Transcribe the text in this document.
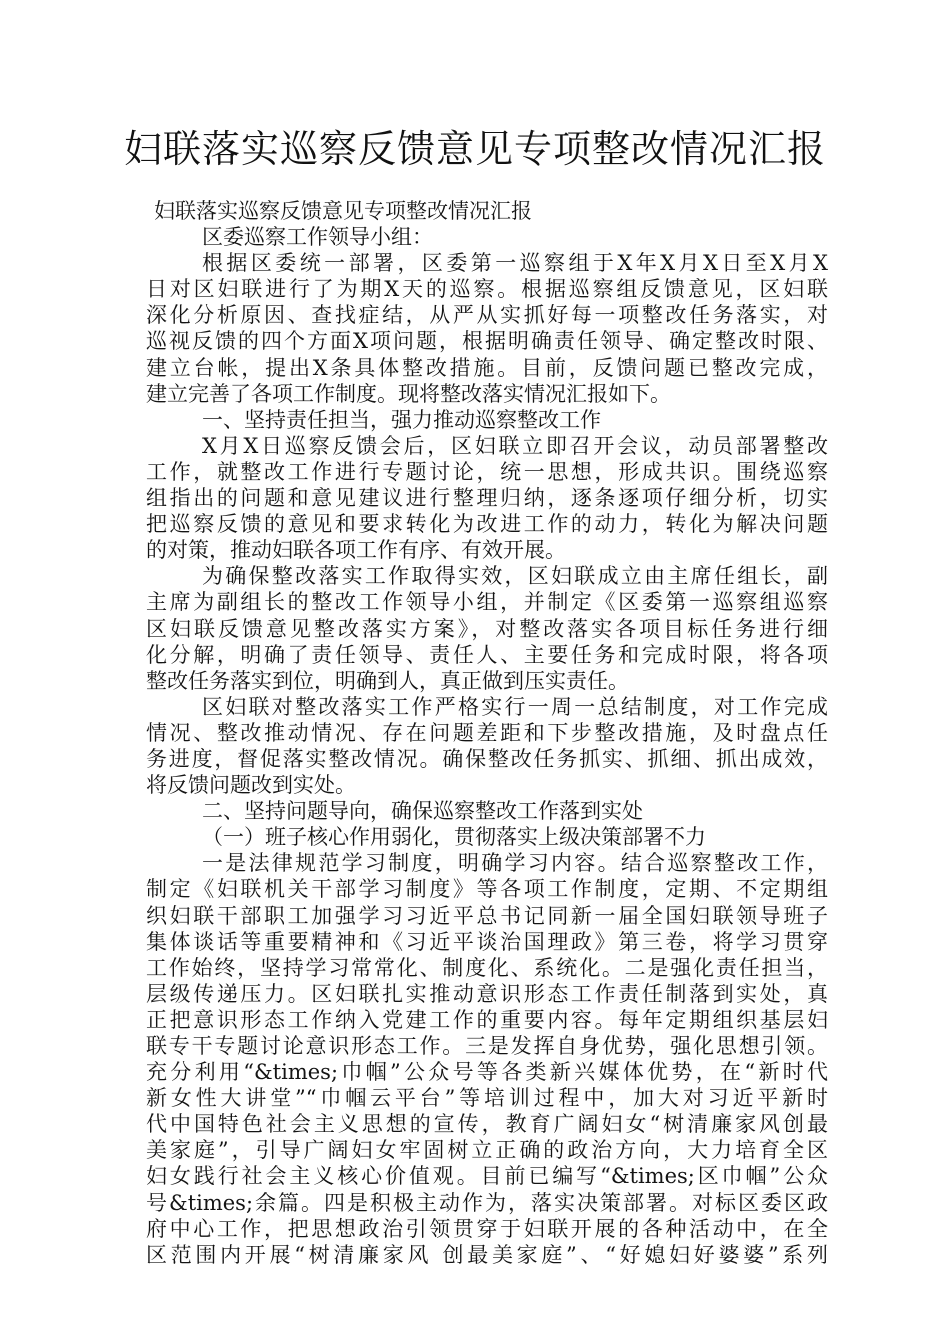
妇联落实巡察反馈意见专项整改情况汇报
妇联落实巡察反馈意见专项整改情况汇报
区委巡察工作领导小组：
根据区委统一部署，区委第一巡察组于X年X月X日至X月X
日对区妇联进行了为期X天的巡察。根据巡察组反馈意见，区妇联
深化分析原因、查找症结，从严从实抓好每一项整改任务落实，对
巡视反馈的四个方面X项问题，根据明确责任领导、确定整改时限、
建立台帐，提出X条具体整改措施。目前，反馈问题已整改完成，
建立完善了各项工作制度。现将整改落实情况汇报如下。
一、坚持责任担当，强力推动巡察整改工作
X月X日巡察反馈会后，区妇联立即召开会议，动员部署整改
工作，就整改工作进行专题讨论，统一思想，形成共识。围绕巡察
组指出的问题和意见建议进行整理归纳，逐条逐项仔细分析，切实
把巡察反馈的意见和要求转化为改进工作的动力，转化为解决问题
的对策，推动妇联各项工作有序、有效开展。
为确保整改落实工作取得实效，区妇联成立由主席任组长，副
主席为副组长的整改工作领导小组，并制定《区委第一巡察组巡察
区妇联反馈意见整改落实方案》，对整改落实各项目标任务进行细
化分解，明确了责任领导、责任人、主要任务和完成时限，将各项
整改任务落实到位，明确到人，真正做到压实责任。
区妇联对整改落实工作严格实行一周一总结制度，对工作完成
情况、整改推动情况、存在问题差距和下步整改措施，及时盘点任
务进度，督促落实整改情况。确保整改任务抓实、抓细、抓出成效，
将反馈问题改到实处。
二、坚持问题导向，确保巡察整改工作落到实处
（一）班子核心作用弱化，贯彻落实上级决策部署不力
一是法律规范学习制度，明确学习内容。结合巡察整改工作，
制定《妇联机关干部学习制度》等各项工作制度，定期、不定期组
织妇联干部职工加强学习习近平总书记同新一届全国妇联领导班子
集体谈话等重要精神和《习近平谈治国理政》第三卷，将学习贯穿
工作始终，坚持学习常常化、制度化、系统化。二是强化责任担当，
层级传递压力。区妇联扎实推动意识形态工作责任制落到实处，真
正把意识形态工作纳入党建工作的重要内容。每年定期组织基层妇
联专干专题讨论意识形态工作。三是发挥自身优势，强化思想引领。
充分利用“&times;巾帼”公众号等各类新兴媒体优势，在“新时代
新女性大讲堂”“巾帼云平台”等培训过程中，加大对习近平新时
代中国特色社会主义思想的宣传，教育广阔妇女“树清廉家风创最
美家庭”，引导广阔妇女牢固树立正确的政治方向，大力培育全区
妇女践行社会主义核心价值观。目前已编写“&times;区巾帼”公众
号&times;余篇。四是积极主动作为，落实决策部署。对标区委区政
府中心工作，把思想政治引领贯穿于妇联开展的各种活动中，在全
区范围内开展“树清廉家风 创最美家庭”、“好媳妇好婆婆”系列
